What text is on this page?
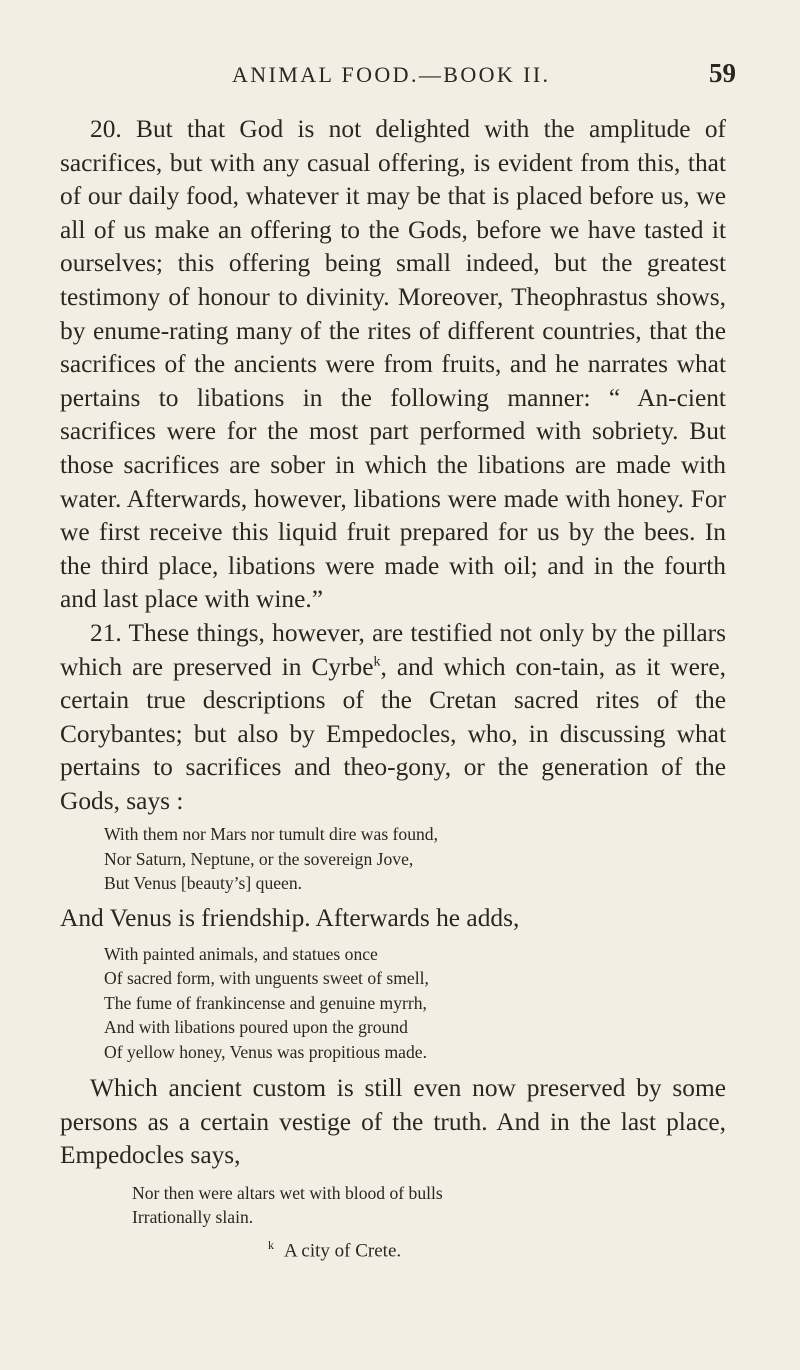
ANIMAL FOOD.—BOOK II.	59

20. But that God is not delighted with the amplitude of sacrifices, but with any casual offering, is evident from this, that of our daily food, whatever it may be that is placed before us, we all of us make an offering to the Gods, before we have tasted it ourselves; this offering being small indeed, but the greatest testimony of honour to divinity. Moreover, Theophrastus shows, by enume-rating many of the rites of different countries, that the sacrifices of the ancients were from fruits, and he narrates what pertains to libations in the following manner: “ An-cient sacrifices were for the most part performed with sobriety. But those sacrifices are sober in which the libations are made with water. Afterwards, however, libations were made with honey. For we first receive this liquid fruit prepared for us by the bees. In the third place, libations were made with oil; and in the fourth and last place with wine.”

21. These things, however, are testified not only by the pillars which are preserved in Cyrbe$^k$, and which con-tain, as it were, certain true descriptions of the Cretan sacred rites of the Corybantes; but also by Empedocles, who, in discussing what pertains to sacrifices and theo-gony, or the generation of the Gods, says :

With them nor Mars nor tumult dire was found,
Nor Saturn, Neptune, or the sovereign Jove,
But Venus [beauty’s] queen.

And Venus is friendship. Afterwards he adds,

With painted animals, and statues once
Of sacred form, with unguents sweet of smell,
The fume of frankincense and genuine myrrh,
And with libations poured upon the ground
Of yellow honey, Venus was propitious made.

Which ancient custom is still even now preserved by some persons as a certain vestige of the truth. And in the last place, Empedocles says,

Nor then were altars wet with blood of bulls
Irrationally slain.
$^k$ A city of Crete.
